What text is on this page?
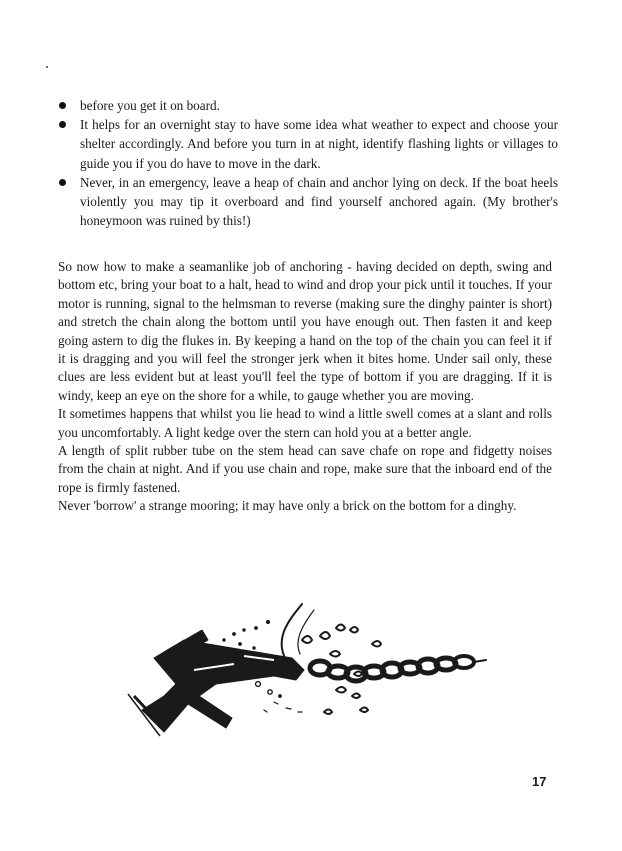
before you get it on board.
It helps for an overnight stay to have some idea what weather to expect and choose your shelter accordingly. And before you turn in at night, identify flashing lights or villages to guide you if you do have to move in the dark.
Never, in an emergency, leave a heap of chain and anchor lying on deck. If the boat heels violently you may tip it overboard and find yourself anchored again. (My brother's honeymoon was ruined by this!)

So now how to make a seamanlike job of anchoring - having decided on depth, swing and bottom etc, bring your boat to a halt, head to wind and drop your pick until it touches. If your motor is running, signal to the helmsman to reverse (making sure the dinghy painter is short) and stretch the chain along the bottom until you have enough out. Then fasten it and keep going astern to dig the flukes in. By keeping a hand on the top of the chain you can feel it if it is dragging and you will feel the stronger jerk when it bites home. Under sail only, these clues are less evident but at least you'll feel the type of bottom if you are dragging. If it is windy, keep an eye on the shore for a while, to gauge whether you are moving.

It sometimes happens that whilst you lie head to wind a little swell comes at a slant and rolls you uncomfortably. A light kedge over the stern can hold you at a better angle.

A length of split rubber tube on the stem head can save chafe on rope and fidgetty noises from the chain at night. And if you use chain and rope, make sure that the inboard end of the rope is firmly fastened.

Never 'borrow' a strange mooring; it may have only a brick on the bottom for a dinghy.

17
